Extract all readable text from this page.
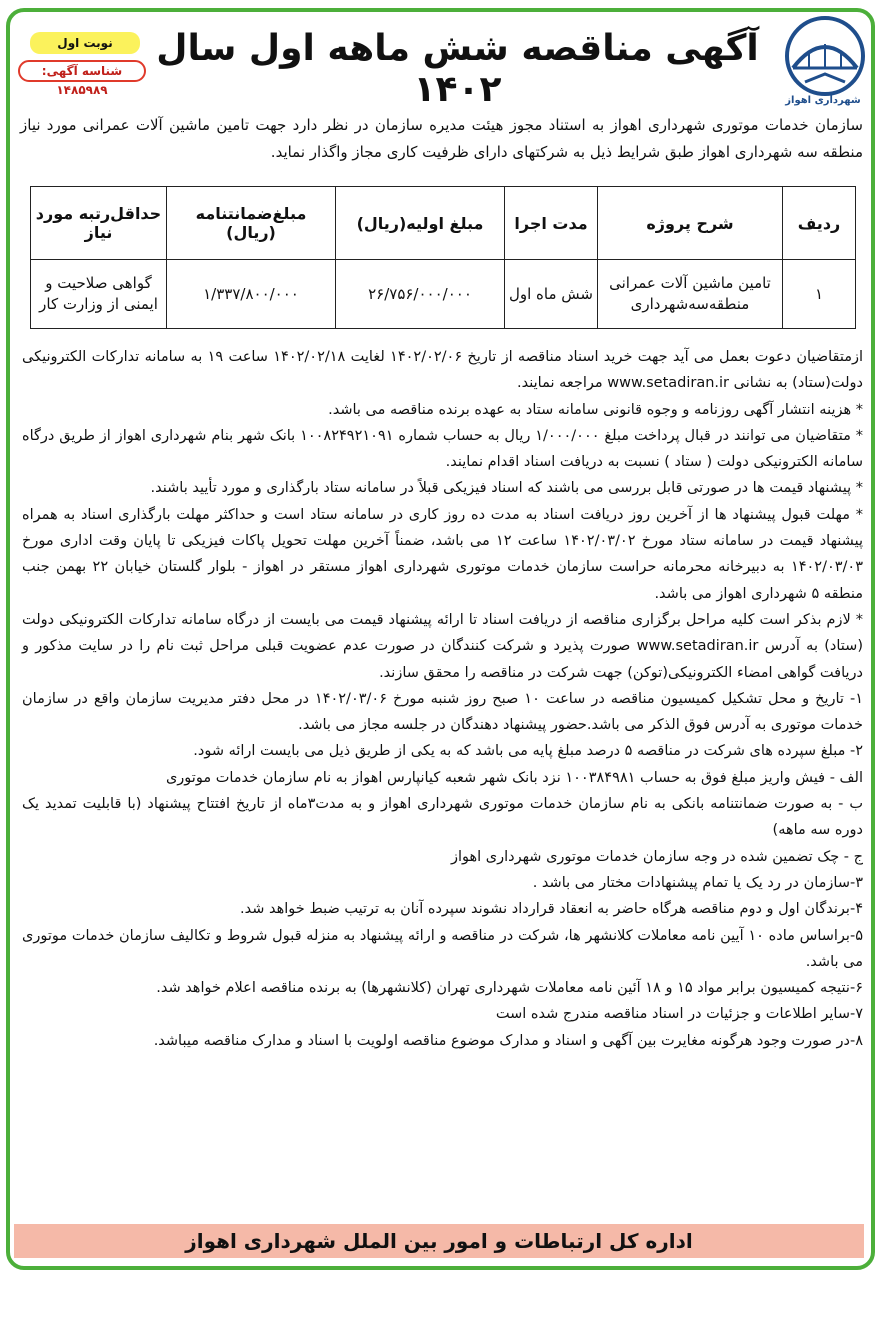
شهرداری اهواز
آگهی مناقصه شش ماهه اول سال ۱۴۰۲
نوبت اول
شناسه آگهی: ۱۴۸۵۹۸۹
سازمان خدمات موتوری شهرداری اهواز به استناد مجوز هیئت مدیره سازمان در نظر دارد جهت تامین ماشین آلات عمرانی مورد نیاز منطقه سه شهرداری اهواز طبق شرایط ذیل به شرکتهای دارای ظرفیت کاری مجاز واگذار نماید.
ردیف	شرح پروژه	مدت اجرا	مبلغ اولیه(ریال)	مبلغ‌ضمانتنامه (ریال)	حداقل‌رتبه مورد نیاز
۱	تامین ماشین آلات عمرانی منطقه‌سه‌شهرداری	شش ماه اول	۲۶/۷۵۶/۰۰۰/۰۰۰	۱/۳۳۷/۸۰۰/۰۰۰	گواهی صلاحیت و ایمنی از وزارت کار

ازمتقاضیان دعوت بعمل می آید جهت خرید اسناد مناقصه از تاریخ ۱۴۰۲/۰۲/۰۶ لغایت ۱۴۰۲/۰۲/۱۸ ساعت ۱۹ به سامانه تدارکات الکترونیکی دولت(ستاد) به نشانی www.setadiran.ir مراجعه نمایند.

* هزینه انتشار آگهی روزنامه و وجوه قانونی سامانه ستاد به عهده برنده مناقصه می باشد.

* متقاضیان می توانند در قبال پرداخت مبلغ ۱/۰۰۰/۰۰۰ ریال به حساب شماره ۱۰۰۸۲۴۹۲۱۰۹۱ بانک شهر بنام شهرداری اهواز از طریق درگاه سامانه الکترونیکی دولت ( ستاد ) نسبت به دریافت اسناد اقدام نمایند.

* پیشنهاد قیمت ها در صورتی قابل بررسی می باشند که اسناد فیزیکی قبلاً در سامانه ستاد بارگذاری و مورد تأیید باشند.

* مهلت قبول پیشنهاد ها از آخرین روز دریافت اسناد به مدت ده روز کاری در سامانه ستاد است و حداکثر مهلت بارگذاری اسناد به همراه پیشنهاد قیمت در سامانه ستاد مورخ ۱۴۰۲/۰۳/۰۲ ساعت ۱۲ می باشد، ضمناً آخرین مهلت تحویل پاکات فیزیکی تا پایان وقت اداری مورخ ۱۴۰۲/۰۳/۰۳ به دبیرخانه محرمانه حراست سازمان خدمات موتوری شهرداری اهواز مستقر در اهواز - بلوار گلستان خیابان ۲۲ بهمن جنب منطقه ۵ شهرداری اهواز می باشد.

* لازم بذکر است کلیه مراحل برگزاری مناقصه از دریافت اسناد تا ارائه پیشنهاد قیمت می بایست از درگاه سامانه تدارکات الکترونیکی دولت (ستاد) به آدرس www.setadiran.ir صورت پذیرد و شرکت کنندگان در صورت عدم عضویت قبلی مراحل ثبت نام را در سایت مذکور و دریافت گواهی امضاء الکترونیکی(توکن) جهت شرکت در مناقصه را محقق سازند.

۱- تاریخ و محل تشکیل کمیسیون مناقصه در ساعت ۱۰ صبح روز شنبه مورخ ۱۴۰۲/۰۳/۰۶ در محل دفتر مدیریت سازمان واقع در سازمان خدمات موتوری به آدرس فوق الذکر می باشد.حضور پیشنهاد دهندگان در جلسه مجاز می باشد.

۲- مبلغ سپرده های شرکت در مناقصه ۵ درصد مبلغ پایه می باشد که به یکی از طریق ذیل می بایست ارائه شود.

الف - فیش واریز مبلغ فوق به حساب ۱۰۰۳۸۴۹۸۱ نزد بانک شهر شعبه کیانپارس اهواز به نام سازمان خدمات موتوری

ب - به صورت ضمانتنامه بانکی به نام سازمان خدمات موتوری شهرداری اهواز و به مدت۳ماه از تاریخ افتتاح پیشنهاد (با قابلیت تمدید یک دوره سه ماهه)

ج - چک تضمین شده در وجه سازمان خدمات موتوری شهرداری اهواز

۳-سازمان در رد یک یا تمام پیشنهادات مختار می باشد .

۴-برندگان اول و دوم مناقصه هرگاه حاضر به انعقاد قرارداد نشوند سپرده آنان به ترتیب ضبط خواهد شد.

۵-براساس ماده ۱۰ آیین نامه معاملات کلانشهر ها، شرکت در مناقصه و ارائه پیشنهاد به منزله قبول شروط و تکالیف سازمان خدمات موتوری می باشد.

۶-نتیجه کمیسیون برابر مواد ۱۵ و ۱۸ آئین نامه معاملات شهرداری تهران (کلانشهرها) به برنده مناقصه اعلام خواهد شد.

۷-سایر اطلاعات و جزئیات در اسناد مناقصه مندرج شده است

۸-در صورت وجود هرگونه مغایرت بین آگهی و اسناد و مدارک موضوع مناقصه اولویت با اسناد و مدارک مناقصه میباشد.

اداره کل ارتباطات و امور بین الملل شهرداری اهواز
